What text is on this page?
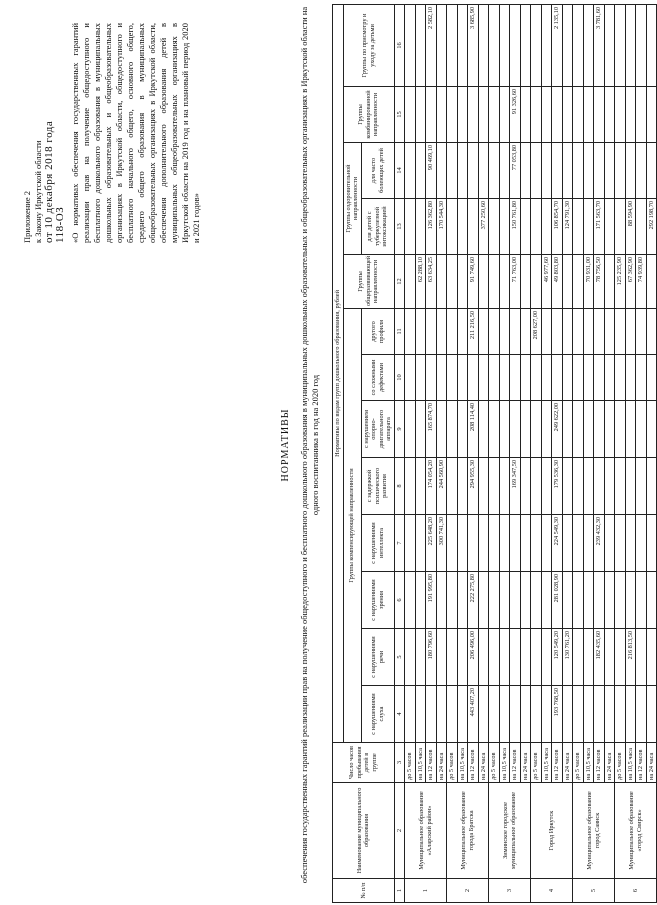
Приложение 2 к Закону Иркутской области от 10 декабря 2018 года 118-ОЗ «О нормативах обеспечения государственных гарантий реализации прав на получение общедоступного и бесплатного дошкольного образования в муниципальных дошкольных образовательных и общеобразовательных организациях в Иркутской области, общедоступного и бесплатного начального общего, основного общего, среднего общего образования в муниципальных общеобразовательных организациях в Иркутской области, обеспечения дополнительного образования детей в муниципальных общеобразовательных организациях в Иркутской области на 2019 год и на плановый период 2020 и 2021 годов»
НОРМАТИВЫ обеспечения государственных гарантий реализации прав на получение общедоступного и бесплатного дошкольного образования в муниципальных дошкольных образовательных и общеобразовательных организациях в Иркутской области на одного воспитанника в год на 2020 год
№ п/п	Наименование муниципального образования	Число часов пребывания детей в группе	Нормативы по видам групп дошкольного образования, рублей												
			Группы компенсирующей направленности								Группы общеразвивающей направленности	Группы оздоровительной направленности		Группы комбинированной направленности	Группы по присмотру и уходу за детьми
			с нарушениями слуха	с нарушениями речи	с нарушениями зрения	с нарушениями интеллекта	с задержкой психического развития	с нарушением опорно-двигательного аппарата	со сложными дефектами	другого профиля		для детей с туберкулезной интоксикацией	для часто болеющих детей		
1	2	3	4	5	6	7	8	9	10	11	12	13	14	15	16
1	Муниципальное образование «Аларский район»	до 5 часов													
		на 10,5 часа									62 288,10				
		на 12 часов		180 796,60	191 995,80	225 648,20	174 054,20	165 874,70			63 634,25	126 362,80	90 469,10		2 582,10
		на 24 часа				300 741,30	244 560,90					170 544,30			
2	Муниципальное образование города Братска	до 5 часов													
		на 10,5 часа													
		на 12 часов	443 407,20	206 496,00	222 275,80		294 955,30	208 114,40		211 216,50	91 749,60				3 685,90
		на 24 часа										377 250,60			
3	Зиминское городское муниципальное образование	до 5 часов													
		на 10,5 часа													
		на 12 часов					169 347,50				71 763,00	150 761,80	77 053,80	91 326,60	
		на 24 часа													
4	Город Иркутск	до 5 часов								208 627,00					
		на 10,5 часа									46 977,60				
		на 12 часов	193 768,50	120 549,20	281 028,90	224 549,30	179 536,30	249 622,00			49 803,80	106 854,70			2 135,10
		на 24 часа		130 761,20								124 791,30			
5	Муниципальное образование город Саянск	до 5 часов													
		на 10,5 часа									70 931,00				
		на 12 часов		182 435,60		239 432,30					78 756,50	171 563,70			3 781,60
		на 24 часа													
6	Муниципальное образование «город Свирск»	до 5 часов									125 235,90				
		на 10,5 часа		216 813,50							67 362,90	88 594,90			
		на 12 часов									74 939,80				
		на 24 часа										292 198,70			
